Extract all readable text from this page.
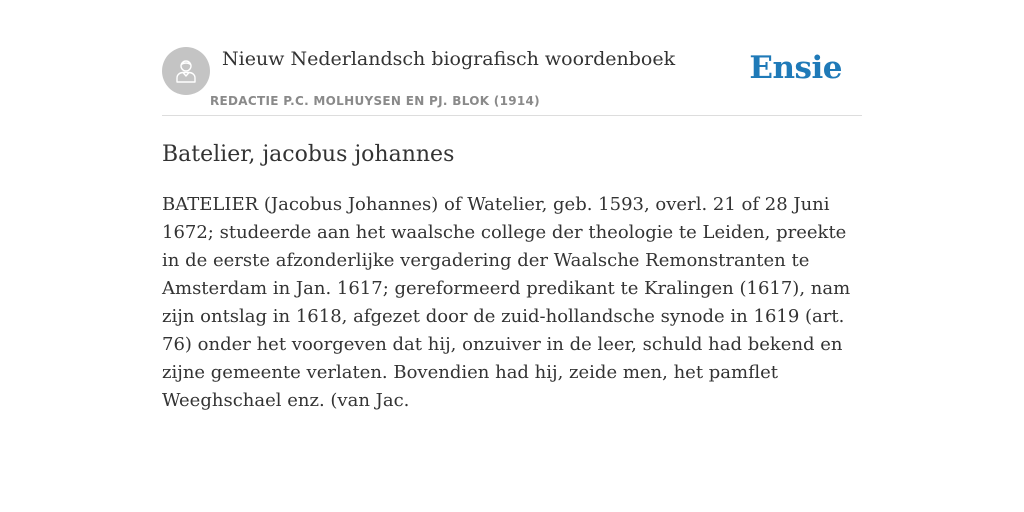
Nieuw Nederlandsch biografisch woordenboek
REDACTIE P.C. MOLHUYSEN EN PJ. BLOK (1914)
Ensie
Batelier, jacobus johannes

BATELIER (Jacobus Johannes) of Watelier, geb. 1593, overl. 21 of 28 Juni 1672; studeerde aan het waalsche college der theologie te Leiden, preekte in de eerste afzonderlijke vergadering der Waalsche Remonstranten te Amsterdam in Jan. 1617; gereformeerd predikant te Kralingen (1617), nam zijn ontslag in 1618, afgezet door de zuid-hollandsche synode in 1619 (art. 76) onder het voorgeven dat hij, onzuiver in de leer, schuld had bekend en zijne gemeente verlaten. Bovendien had hij, zeide men, het pamflet Weeghschael enz. (van Jac.
